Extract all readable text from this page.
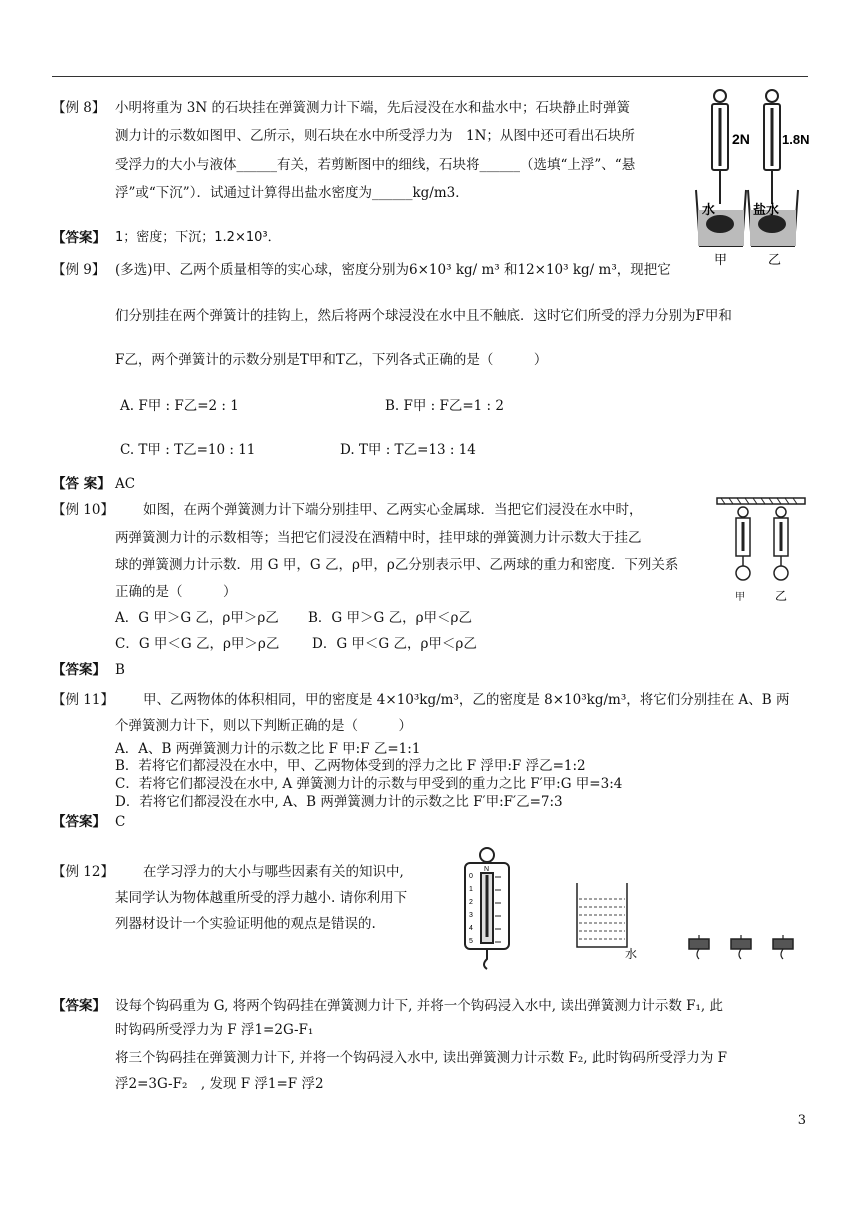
【例 8】 小明将重为 3N 的石块挂在弹簧测力计下端，先后浸没在水和盐水中；石块静止时弹簧
测力计的示数如图甲、乙所示，则石块在水中所受浮力为　1N；从图中还可看出石块所
受浮力的大小与液体______有关，若剪断图中的细线，石块将______（选填“上浮”、“悬
浮”或“下沉”）．试通过计算得出盐水密度为______kg/m3．
【答案】 1；密度；下沉；1.2×10³．
2N 1.8N
水	盐水
甲	乙
【例 9】 (多选)甲、乙两个质量相等的实心球，密度分别为6×10³ kg/ m³ 和12×10³ kg/ m³，现把它
们分别挂在两个弹簧计的挂钩上，然后将两个球浸没在水中且不触底．这时它们所受的浮力分别为F甲和
F乙，两个弹簧计的示数分别是T甲和T乙，下列各式正确的是（　　　）
A. F甲 : F乙=2 : 1	B. F甲 : F乙=1 : 2
C. T甲 : T乙=10 : 11	D. T甲 : T乙=13 : 14
【答 案】 AC
【例 10】 如图，在两个弹簧测力计下端分别挂甲、乙两实心金属球．当把它们浸没在水中时，
两弹簧测力计的示数相等；当把它们浸没在酒精中时，挂甲球的弹簧测力计示数大于挂乙
球的弹簧测力计示数．用 G 甲，G 乙，ρ甲，ρ乙分别表示甲、乙两球的重力和密度．下列关系
正确的是（　　　）
A．G 甲＞G 乙，ρ甲＞ρ乙 B．G 甲＞G 乙，ρ甲＜ρ乙
C．G 甲＜G 乙，ρ甲＞ρ乙 D．G 甲＜G 乙，ρ甲＜ρ乙
【答案】 B
甲	乙
【例 11】 甲、乙两物体的体积相同，甲的密度是 4×10³kg/m³，乙的密度是 8×10³kg/m³，将它们分别挂在 A、B 两
个弹簧测力计下，则以下判断正确的是（　　　）
A．A、B 两弹簧测力计的示数之比 F 甲:F 乙=1:1
B．若将它们都浸没在水中，甲、乙两物体受到的浮力之比 F 浮甲:F 浮乙=1:2
C．若将它们都浸没在水中, A 弹簧测力计的示数与甲受到的重力之比 F′甲:G 甲=3:4
D．若将它们都浸没在水中, A、B 两弹簧测力计的示数之比 F′甲:F′乙=7:3
【答案】 C
【例 12】 在学习浮力的大小与哪些因素有关的知识中,
某同学认为物体越重所受的浮力越小. 请你利用下
列器材设计一个实验证明他的观点是错误的.
0
1
2
3
4
5
N
水
【答案】 设每个钩码重为 G, 将两个钩码挂在弹簧测力计下, 并将一个钩码浸入水中, 读出弹簧测力计示数 F₁, 此
时钩码所受浮力为 F 浮1=2G-F₁
将三个钩码挂在弹簧测力计下, 并将一个钩码浸入水中, 读出弹簧测力计示数 F₂, 此时钩码所受浮力为 F
浮2=3G-F₂　, 发现 F 浮1=F 浮2
3
